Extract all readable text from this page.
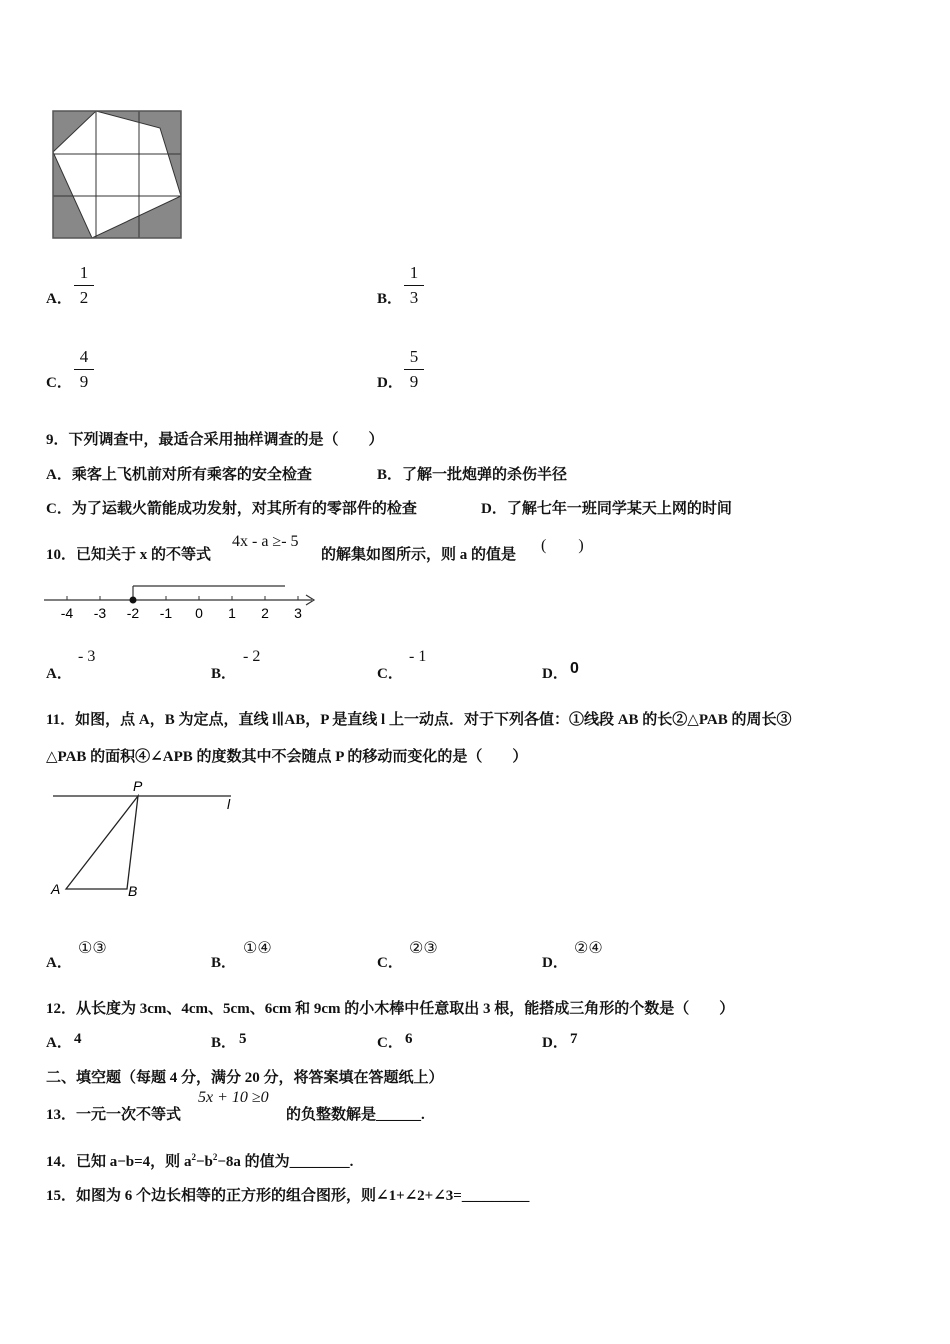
A．
1
2	B．
1
3
C．
4
9	D．
5
9
9．下列调查中，最适合采用抽样调查的是（　　）
A．乘客上飞机前对所有乘客的安全检查	B．了解一批炮弹的杀伤半径
C．为了运载火箭能成功发射，对其所有的零部件的检查	D．了解七年一班同学某天上网的时间
10．已知关于 x 的不等式
4x - a ≥- 5
的解集如图所示，则 a 的值是
(　　)
-4 -3 -2 -1 0 1 2 3
A．
- 3
B．
- 2
C．
- 1
D． 0
11．如图，点 A，B 为定点，直线 l∥AB，P 是直线 l 上一动点．对于下列各值：①线段 AB 的长②△PAB 的周长③
△PAB 的面积④∠APB 的度数其中不会随点 P 的移动而变化的是（　　）
P
l
A	B
A．
①③
B．
①④
C．
②③
D．
②④
12．从长度为 3cm、4cm、5cm、6cm 和 9cm 的小木棒中任意取出 3 根，能搭成三角形的个数是（　　）
A． 4	B． 5	C． 6	D． 7
二、填空题（每题 4 分，满分 20 分，将答案填在答题纸上）
13．一元一次不等式
5x + 10 ≥0
的负整数解是______.
14．已知 a−b=4，则 $a^2-b^2-8a$ 的值为________.
15．如图为 6 个边长相等的正方形的组合图形，则∠1+∠2+∠3=_________
